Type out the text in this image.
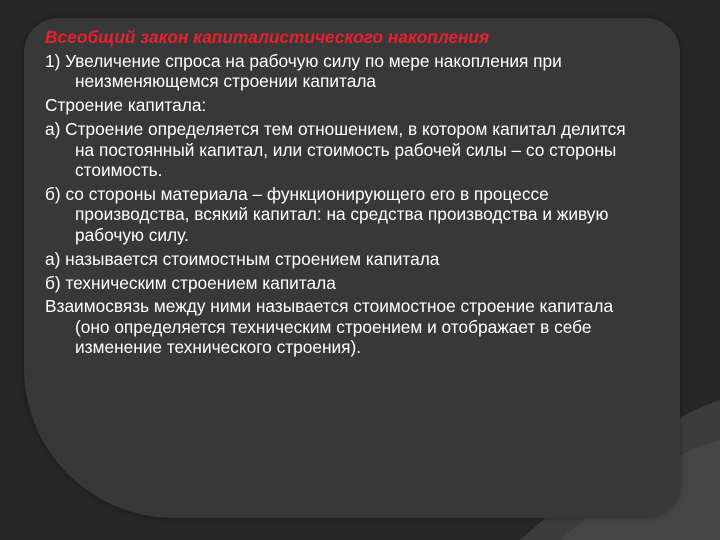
Всеобщий закон капиталистического накопления

1) Увеличение спроса на рабочую силу по мере накопления при неизменяющемся строении капитала

Строение капитала:

а) Строение определяется тем отношением, в котором капитал делится на постоянный капитал, или стоимость рабочей силы – со стороны стоимость.

б) со стороны материала – функционирующего его в процессе производства, всякий капитал: на средства производства и живую рабочую силу.

а) называется стоимостным строением капитала

б) техническим строением капитала

Взаимосвязь между ними называется стоимостное строение капитала (оно определяется техническим строением и отображает в себе изменение технического строения).
